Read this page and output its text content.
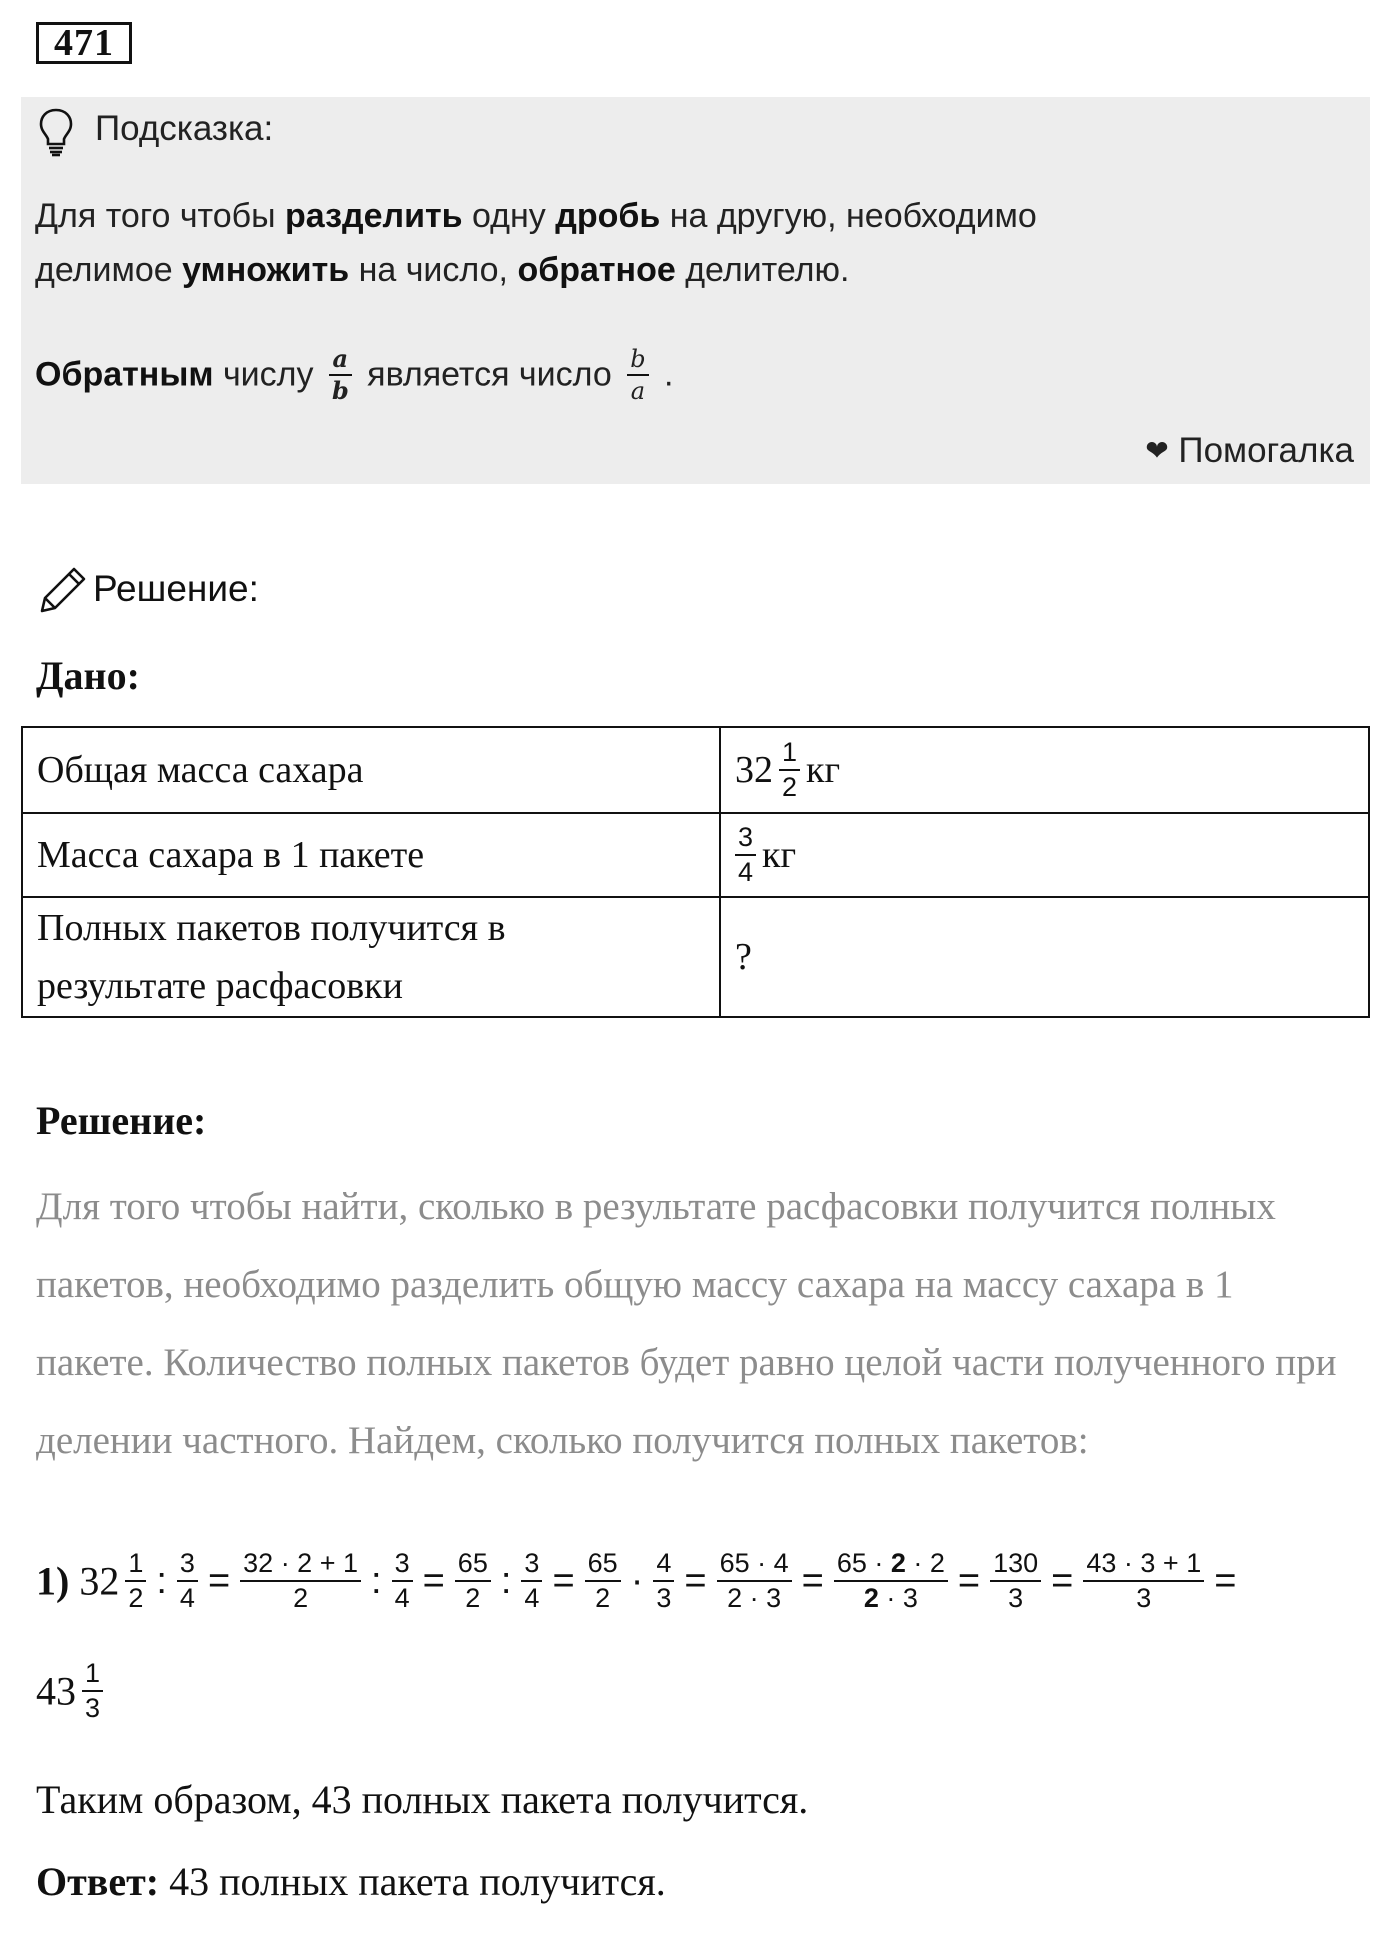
471
Подсказка:
Для того чтобы разделить одну дробь на другую, необходимо
делимое умножить на число, обратное делителю.
Обратным числу $\frac{a}{b}$ является число $\frac{b}{a}$ .
❤ Помогалка
Решение:
Дано:
Общая масса сахара	$32 \frac{1}{2}$ кг
Масса сахара в 1 пакете	$\frac{3}{4}$ кг
Полных пакетов получится в
результате расфасовки	?
Решение:
Для того чтобы найти, сколько в результате расфасовки получится полных пакетов, необходимо разделить общую массу сахара на массу сахара в 1 пакете. Количество полных пакетов будет равно целой части полученного при делении частного. Найдем, сколько получится полных пакетов:
1) $32 \frac{1}{2}$ : $\frac{3}{4} = \frac{32 \cdot 2 + 1}{2}$ : $\frac{3}{4} = \frac{65}{2}$ : $\frac{3}{4} = \frac{65}{2} \cdot \frac{4}{3} = \frac{65 \cdot 4}{2 \cdot 3} = \frac{65 \cdot 2 \cdot 2}{2 \cdot 3} = \frac{130}{3} = \frac{43 \cdot 3 + 1}{3}$ =
$43 \frac{1}{3}$
Таким образом, 43 полных пакета получится.
Ответ: 43 полных пакета получится.
